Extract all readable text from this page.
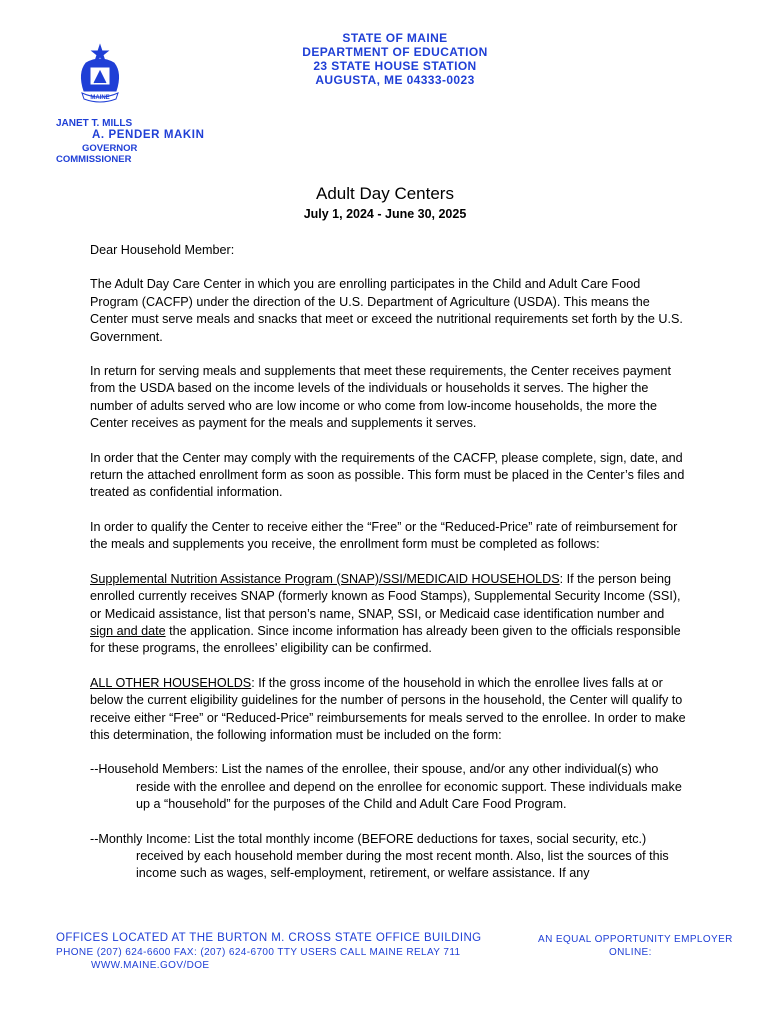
STATE OF MAINE
DEPARTMENT OF EDUCATION
23 STATE HOUSE STATION
AUGUSTA, ME 04333-0023
MAINE
JANET T. MILLS
A. PENDER MAKIN
GOVERNOR
COMMISSIONER
Adult Day Centers
July 1, 2024 - June 30, 2025

Dear Household Member:

The Adult Day Care Center in which you are enrolling participates in the Child and Adult Care Food Program (CACFP) under the direction of the U.S. Department of Agriculture (USDA). This means the Center must serve meals and snacks that meet or exceed the nutritional requirements set forth by the U.S. Government.

In return for serving meals and supplements that meet these requirements, the Center receives payment from the USDA based on the income levels of the individuals or households it serves. The higher the number of adults served who are low income or who come from low-income households, the more the Center receives as payment for the meals and supplements it serves.

In order that the Center may comply with the requirements of the CACFP, please complete, sign, date, and return the attached enrollment form as soon as possible. This form must be placed in the Center’s files and treated as confidential information.

In order to qualify the Center to receive either the “Free” or the “Reduced-Price” rate of reimbursement for the meals and supplements you receive, the enrollment form must be completed as follows:

Supplemental Nutrition Assistance Program (SNAP)/SSI/MEDICAID HOUSEHOLDS: If the person being enrolled currently receives SNAP (formerly known as Food Stamps), Supplemental Security Income (SSI), or Medicaid assistance, list that person’s name, SNAP, SSI, or Medicaid case identification number and sign and date the application. Since income information has already been given to the officials responsible for these programs, the enrollees’ eligibility can be confirmed.

ALL OTHER HOUSEHOLDS: If the gross income of the household in which the enrollee lives falls at or below the current eligibility guidelines for the number of persons in the household, the Center will qualify to receive either “Free” or “Reduced-Price” reimbursements for meals served to the enrollee. In order to make this determination, the following information must be included on the form:

--Household Members: List the names of the enrollee, their spouse, and/or any other individual(s) who reside with the enrollee and depend on the enrollee for economic support. These individuals make up a “household” for the purposes of the Child and Adult Care Food Program.

--Monthly Income: List the total monthly income (BEFORE deductions for taxes, social security, etc.) received by each household member during the most recent month. Also, list the sources of this income such as wages, self-employment, retirement, or welfare assistance. If any

OFFICES LOCATED AT THE BURTON M. CROSS STATE OFFICE BUILDING
PHONE (207) 624-6600 FAX: (207) 624-6700 TTY USERS CALL MAINE RELAY 711
WWW.MAINE.GOV/DOE
AN EQUAL OPPORTUNITY EMPLOYER
ONLINE:
